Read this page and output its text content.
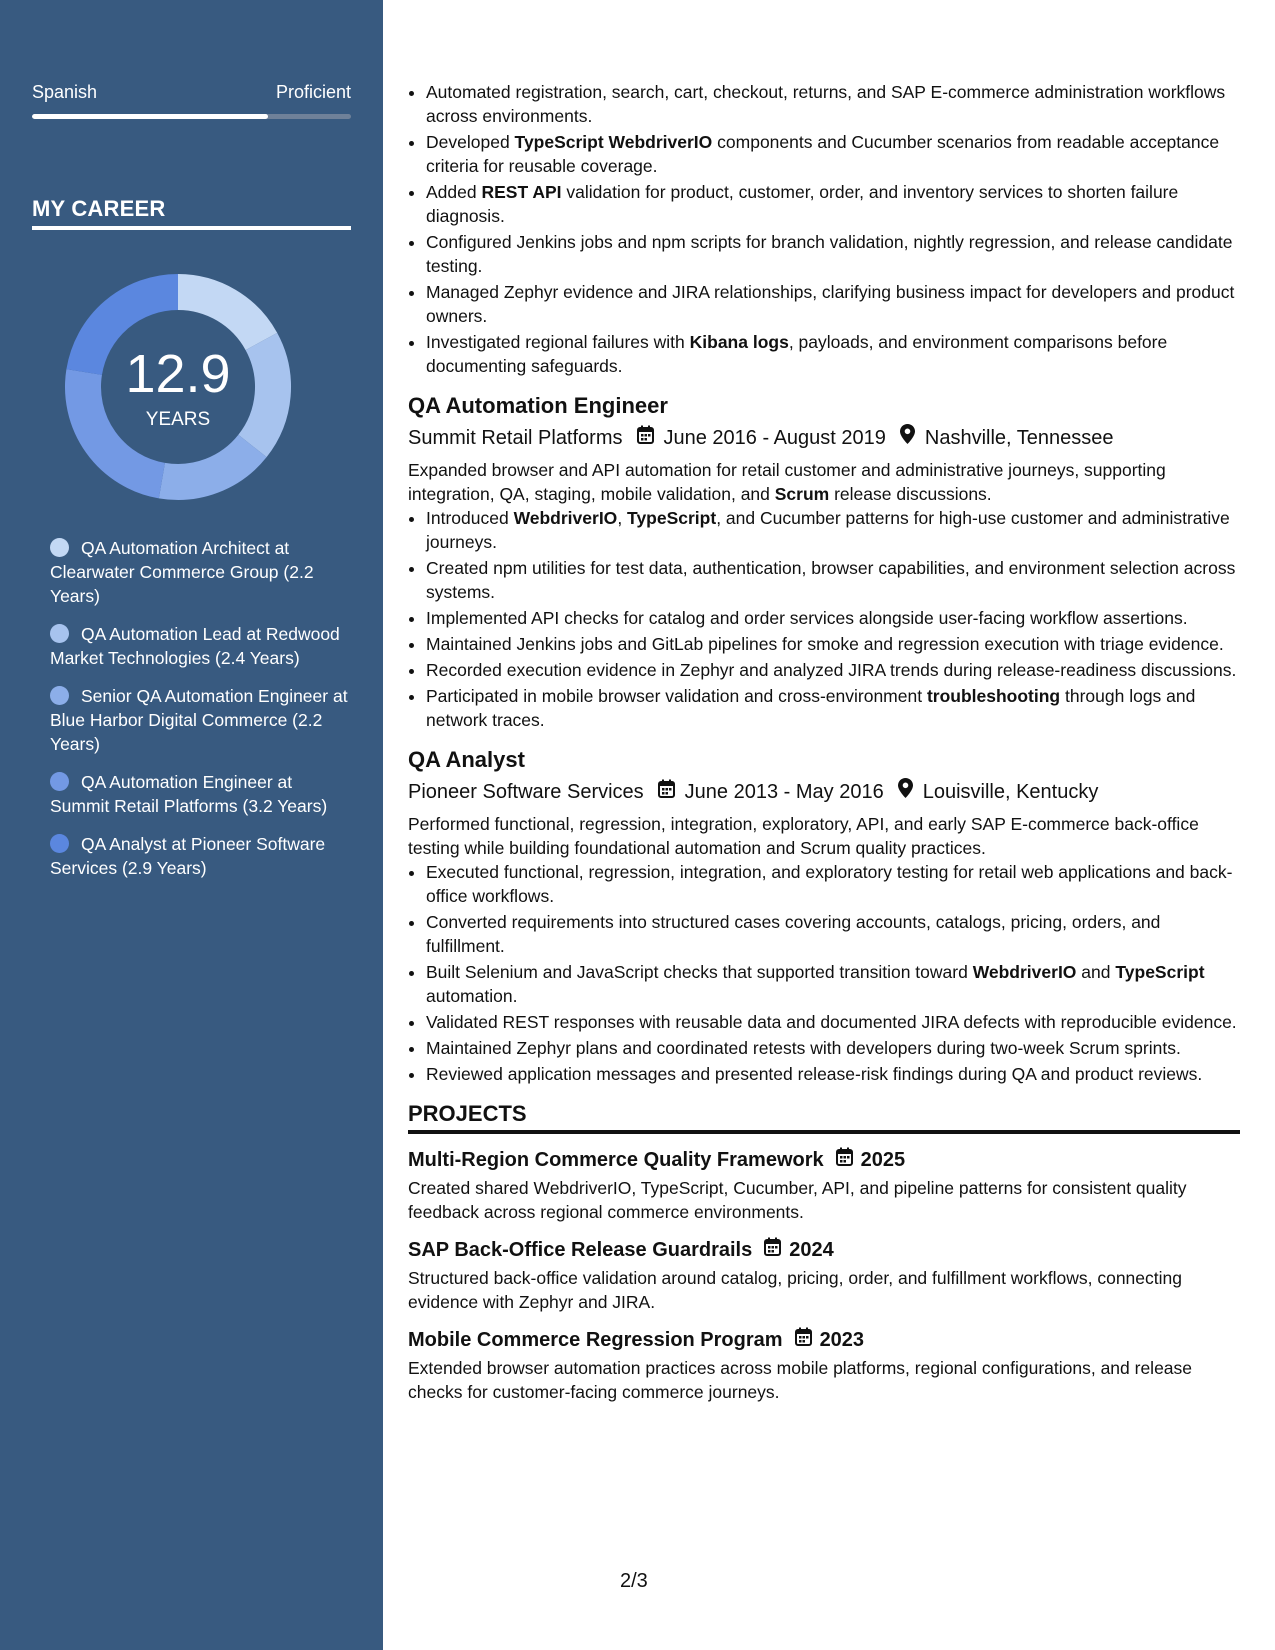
Spanish	Proficient
MY CAREER
12.9
YEARS
QA Automation Architect at Clearwater Commerce Group (2.2 Years)
QA Automation Lead at Redwood Market Technologies (2.4 Years)
Senior QA Automation Engineer at Blue Harbor Digital Commerce (2.2 Years)
QA Automation Engineer at Summit Retail Platforms (3.2 Years)
QA Analyst at Pioneer Software Services (2.9 Years)
• Automated registration, search, cart, checkout, returns, and SAP E-commerce administration workflows across environments.
• Developed TypeScript WebdriverIO components and Cucumber scenarios from readable acceptance criteria for reusable coverage.
• Added REST API validation for product, customer, order, and inventory services to shorten failure diagnosis.
• Configured Jenkins jobs and npm scripts for branch validation, nightly regression, and release candidate testing.
• Managed Zephyr evidence and JIRA relationships, clarifying business impact for developers and product owners.
• Investigated regional failures with Kibana logs, payloads, and environment comparisons before documenting safeguards.
QA Automation Engineer
Summit Retail Platforms June 2016 - August 2019 Nashville, Tennessee
Expanded browser and API automation for retail customer and administrative journeys, supporting integration, QA, staging, mobile validation, and Scrum release discussions.
• Introduced WebdriverIO, TypeScript, and Cucumber patterns for high-use customer and administrative journeys.
• Created npm utilities for test data, authentication, browser capabilities, and environment selection across systems.
• Implemented API checks for catalog and order services alongside user-facing workflow assertions.
• Maintained Jenkins jobs and GitLab pipelines for smoke and regression execution with triage evidence.
• Recorded execution evidence in Zephyr and analyzed JIRA trends during release-readiness discussions.
• Participated in mobile browser validation and cross-environment troubleshooting through logs and network traces.
QA Analyst
Pioneer Software Services June 2013 - May 2016 Louisville, Kentucky
Performed functional, regression, integration, exploratory, API, and early SAP E-commerce back-office testing while building foundational automation and Scrum quality practices.
• Executed functional, regression, integration, and exploratory testing for retail web applications and back-office workflows.
• Converted requirements into structured cases covering accounts, catalogs, pricing, orders, and fulfillment.
• Built Selenium and JavaScript checks that supported transition toward WebdriverIO and TypeScript automation.
• Validated REST responses with reusable data and documented JIRA defects with reproducible evidence.
• Maintained Zephyr plans and coordinated retests with developers during two-week Scrum sprints.
• Reviewed application messages and presented release-risk findings during QA and product reviews.
PROJECTS
Multi-Region Commerce Quality Framework 2025
Created shared WebdriverIO, TypeScript, Cucumber, API, and pipeline patterns for consistent quality feedback across regional commerce environments.
SAP Back-Office Release Guardrails 2024
Structured back-office validation around catalog, pricing, order, and fulfillment workflows, connecting evidence with Zephyr and JIRA.
Mobile Commerce Regression Program 2023
Extended browser automation practices across mobile platforms, regional configurations, and release checks for customer-facing commerce journeys.
2/3
